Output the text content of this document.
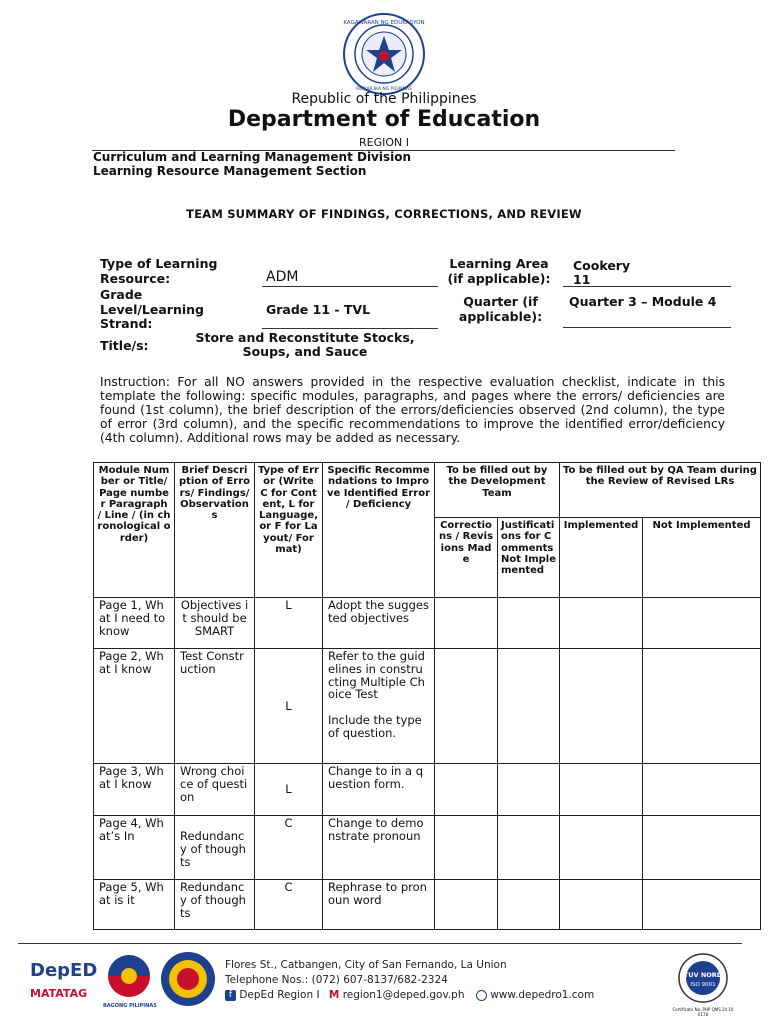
KAGAWARAN NG EDUKASYON
REPUBLIKA NG PILIPINAS
Republic of the Philippines
Department of Education
REGION I
Curriculum and Learning Management Division
Learning Resource Management Section
TEAM SUMMARY OF FINDINGS, CORRECTIONS, AND REVIEW
Type of Learning Resource:	ADM
Grade Level/Learning Strand:
Grade 11 - TVL
Title/s:
Store and Reconstitute Stocks, Soups, and Sauce
Learning Area (if applicable):
Cookery 11
Quarter (if applicable):
Quarter 3 – Module 4
Instruction: For all NO answers provided in the respective evaluation checklist, indicate in this template the following: specific modules, paragraphs, and pages where the errors/ deficiencies are found (1st column), the brief description of the errors/deficiencies observed (2nd column), the type of error (3rd column), and the specific recommendations to improve the identified error/deficiency (4th column). Additional rows may be added as necessary.
Module Number or Title/ Page number Paragraph / Line / (in chronological order)	Brief Description of Errors/ Findings/ Observations	Type of Error (Write C for Content, L for Language, or F for Layout/ Format)	Specific Recommendations to Improve Identified Error / Deficiency	To be filled out by the Development Team		To be filled out by QA Team during the Review of Revised LRs	
				Corrections / Revisions Made	Justifications for Comments Not Implemented	Implemented	Not Implemented
Page 1, What I need to know	Objectives it should be SMART	L	Adopt the suggested objectives				
Page 2, What I know	Test Construction	L	Refer to the guidelines in constructing Multiple Choice Test
Include the type of question.				

Page 3, What I know	Wrong choice of question	L	Change to in a question form.				
Page 4, What’s In	Redundancy of thoughts	C	Change to demonstrate pronoun				
Page 5, What is it	Redundancy of thoughts	C	Rephrase to pronoun word				
DepED
MATATAG
BAGONG PILIPINAS
Flores St., Catbangen, City of San Fernando, La Union
Telephone Nos.: (072) 607-8137/682-2324
f DepEd Region I M region1@deped.gov.ph www.depedro1.com
TUV NORD
ISO 9001
Certificate No. PHP QMS 24 10 0178
